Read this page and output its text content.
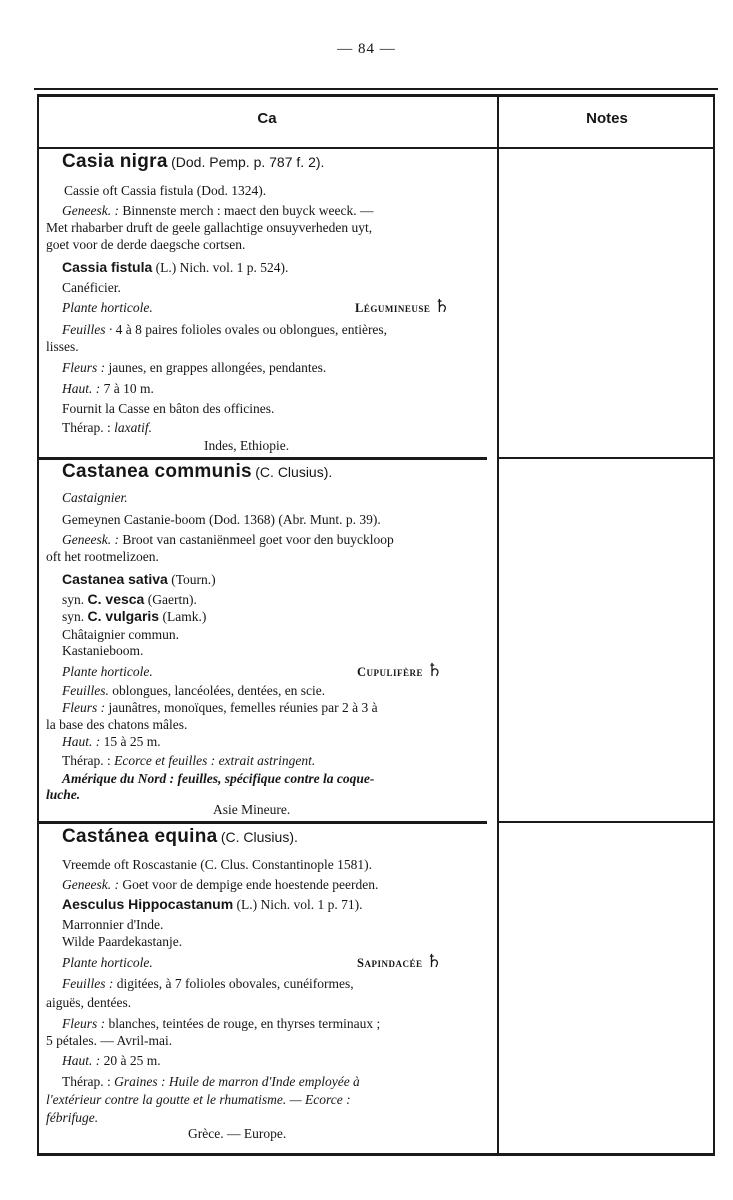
— 84 —
Ca	Notes
Casia nigra (Dod. Pemp. p. 787 f. 2).
Cassie oft Cassia fistula (Dod. 1324).
Geneesk. : Binnenste merch : maect den buyck weeck. —
Met rhabarber druft de geele gallachtige onsuyverheden uyt,
goet voor de derde daegsche cortsen.
Cassia fistula (L.) Nich. vol. 1 p. 524).
Canéficier.
Plante horticole.	Légumineuse ♄
Feuilles · 4 à 8 paires folioles ovales ou oblongues, entières,
lisses.
Fleurs : jaunes, en grappes allongées, pendantes.
Haut. : 7 à 10 m.
Fournit la Casse en bâton des officines.
Thérap. : laxatif.
Indes, Ethiopie.
Castanea communis (C. Clusius).
Castaignier.
Gemeynen Castanie-boom (Dod. 1368) (Abr. Munt. p. 39).
Geneesk. : Broot van castaniënmeel goet voor den buyckloop
oft het rootmelizoen.
Castanea sativa (Tourn.)
syn. C. vesca (Gaertn).
syn. C. vulgaris (Lamk.)
Châtaignier commun.
Kastanieboom.
Plante horticole.	Cupulifère ♄
Feuilles. oblongues, lancéolées, dentées, en scie.
Fleurs : jaunâtres, monoïques, femelles réunies par 2 à 3 à
la base des chatons mâles.
Haut. : 15 à 25 m.
Thérap. : Ecorce et feuilles : extrait astringent.
Amérique du Nord : feuilles, spécifique contre la coque-
luche.
Asie Mineure.
Castánea equina (C. Clusius).
Vreemde oft Roscastanie (C. Clus. Constantinople 1581).
Geneesk. : Goet voor de dempige ende hoestende peerden.
Aesculus Hippocastanum (L.) Nich. vol. 1 p. 71).
Marronnier d'Inde.
Wilde Paardekastanje.
Plante horticole.	Sapindacée ♄
Feuilles : digitées, à 7 folioles obovales, cunéiformes,
aiguës, dentées.
Fleurs : blanches, teintées de rouge, en thyrses terminaux ;
5 pétales. — Avril-mai.
Haut. : 20 à 25 m.
Thérap. : Graines : Huile de marron d'Inde employée à
l'extérieur contre la goutte et le rhumatisme. — Ecorce :
fébrifuge.
Grèce. — Europe.
